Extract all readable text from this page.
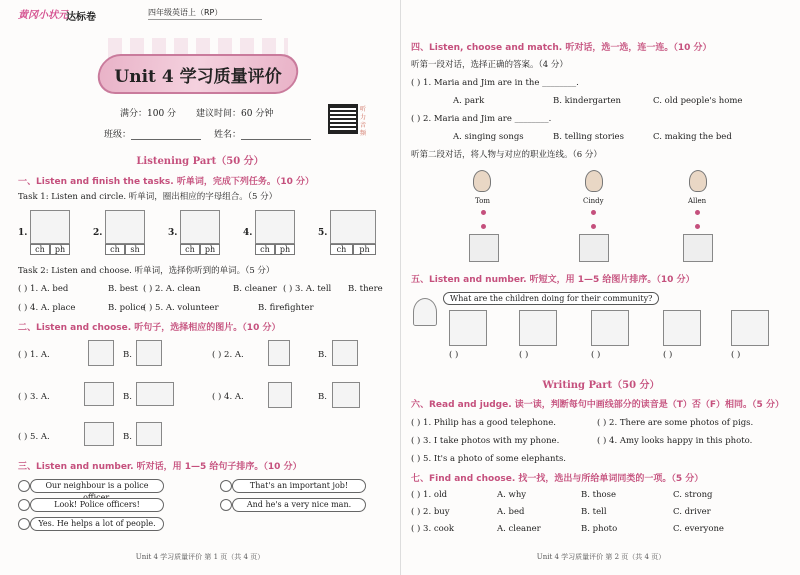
黄冈小状元
达标卷	四年级英语上（RP）
Unit 4 学习质量评价
满分：100 分 建议时间：60 分钟
班级：	姓名：
听力音频
Listening Part（50 分）
一、Listen and finish the tasks. 听单词，完成下列任务。（10 分）
Task 1: Listen and circle. 听单词，圈出相应的字母组合。（5 分）
1.
ch	ph
2.
ch	sh
3.
ch	ph
4.
ch	ph
5.
ch	ph
Task 2: Listen and choose. 听单词，选择你听到的单词。（5 分）
( ) 1. A. bed	B. best ( ) 2. A. clean	B. cleaner ( ) 3. A. tell B. there
( ) 4. A. place	B. police
( ) 5. A. volunteer	B. firefighter
二、Listen and choose. 听句子，选择相应的图片。（10 分）
( ) 1. A.	B.	( ) 2. A.	B.
( ) 3. A.	B.	( ) 4. A.	B.
( ) 5. A.	B.
三、Listen and number. 听对话，用 1—5 给句子排序。（10 分）
Our neighbour is a police	That's an important job!
Look! Police officers!	And he's a very nice man.
Yes. He helps a lot of people.
Unit 4 学习质量评价 第 1 页（共 4 页）
四、Listen, choose and match. 听对话，选一选，连一连。（10 分）
听第一段对话，选择正确的答案。（4 分）
( ) 1. Maria and Jim are in the ________.
A. park	B. kindergarten	C. old people's home
( ) 2. Maria and Jim are ________.
A. singing songs	B. telling stories	C. making the bed
听第二段对话，将人物与对应的职业连线。（6 分）
Tom	Cindy	Allen
五、Listen and number. 听短文，用 1—5 给图片排序。（10 分）
What are the children doing for their community?
( )	( )	( )	( )	( )
Writing Part（50 分）
六、Read and judge. 读一读，判断每句中画线部分的读音是（T）否（F）相同。（5 分）
( ) 1. Philip has a good telephone.	( ) 2. There are some photos of pigs.
( ) 3. I take photos with my phone.	( ) 4. Amy looks happy in this photo.
( ) 5. It's a photo of some elephants.
七、Find and choose. 找一找，选出与所给单词同类的一项。（5 分）
( ) 1. old	A. why	B. those	C. strong
( ) 2. buy	A. bed	B. tell	C. driver
( ) 3. cook	A. cleaner	B. photo	C. everyone
Unit 4 学习质量评价 第 2 页（共 4 页）
